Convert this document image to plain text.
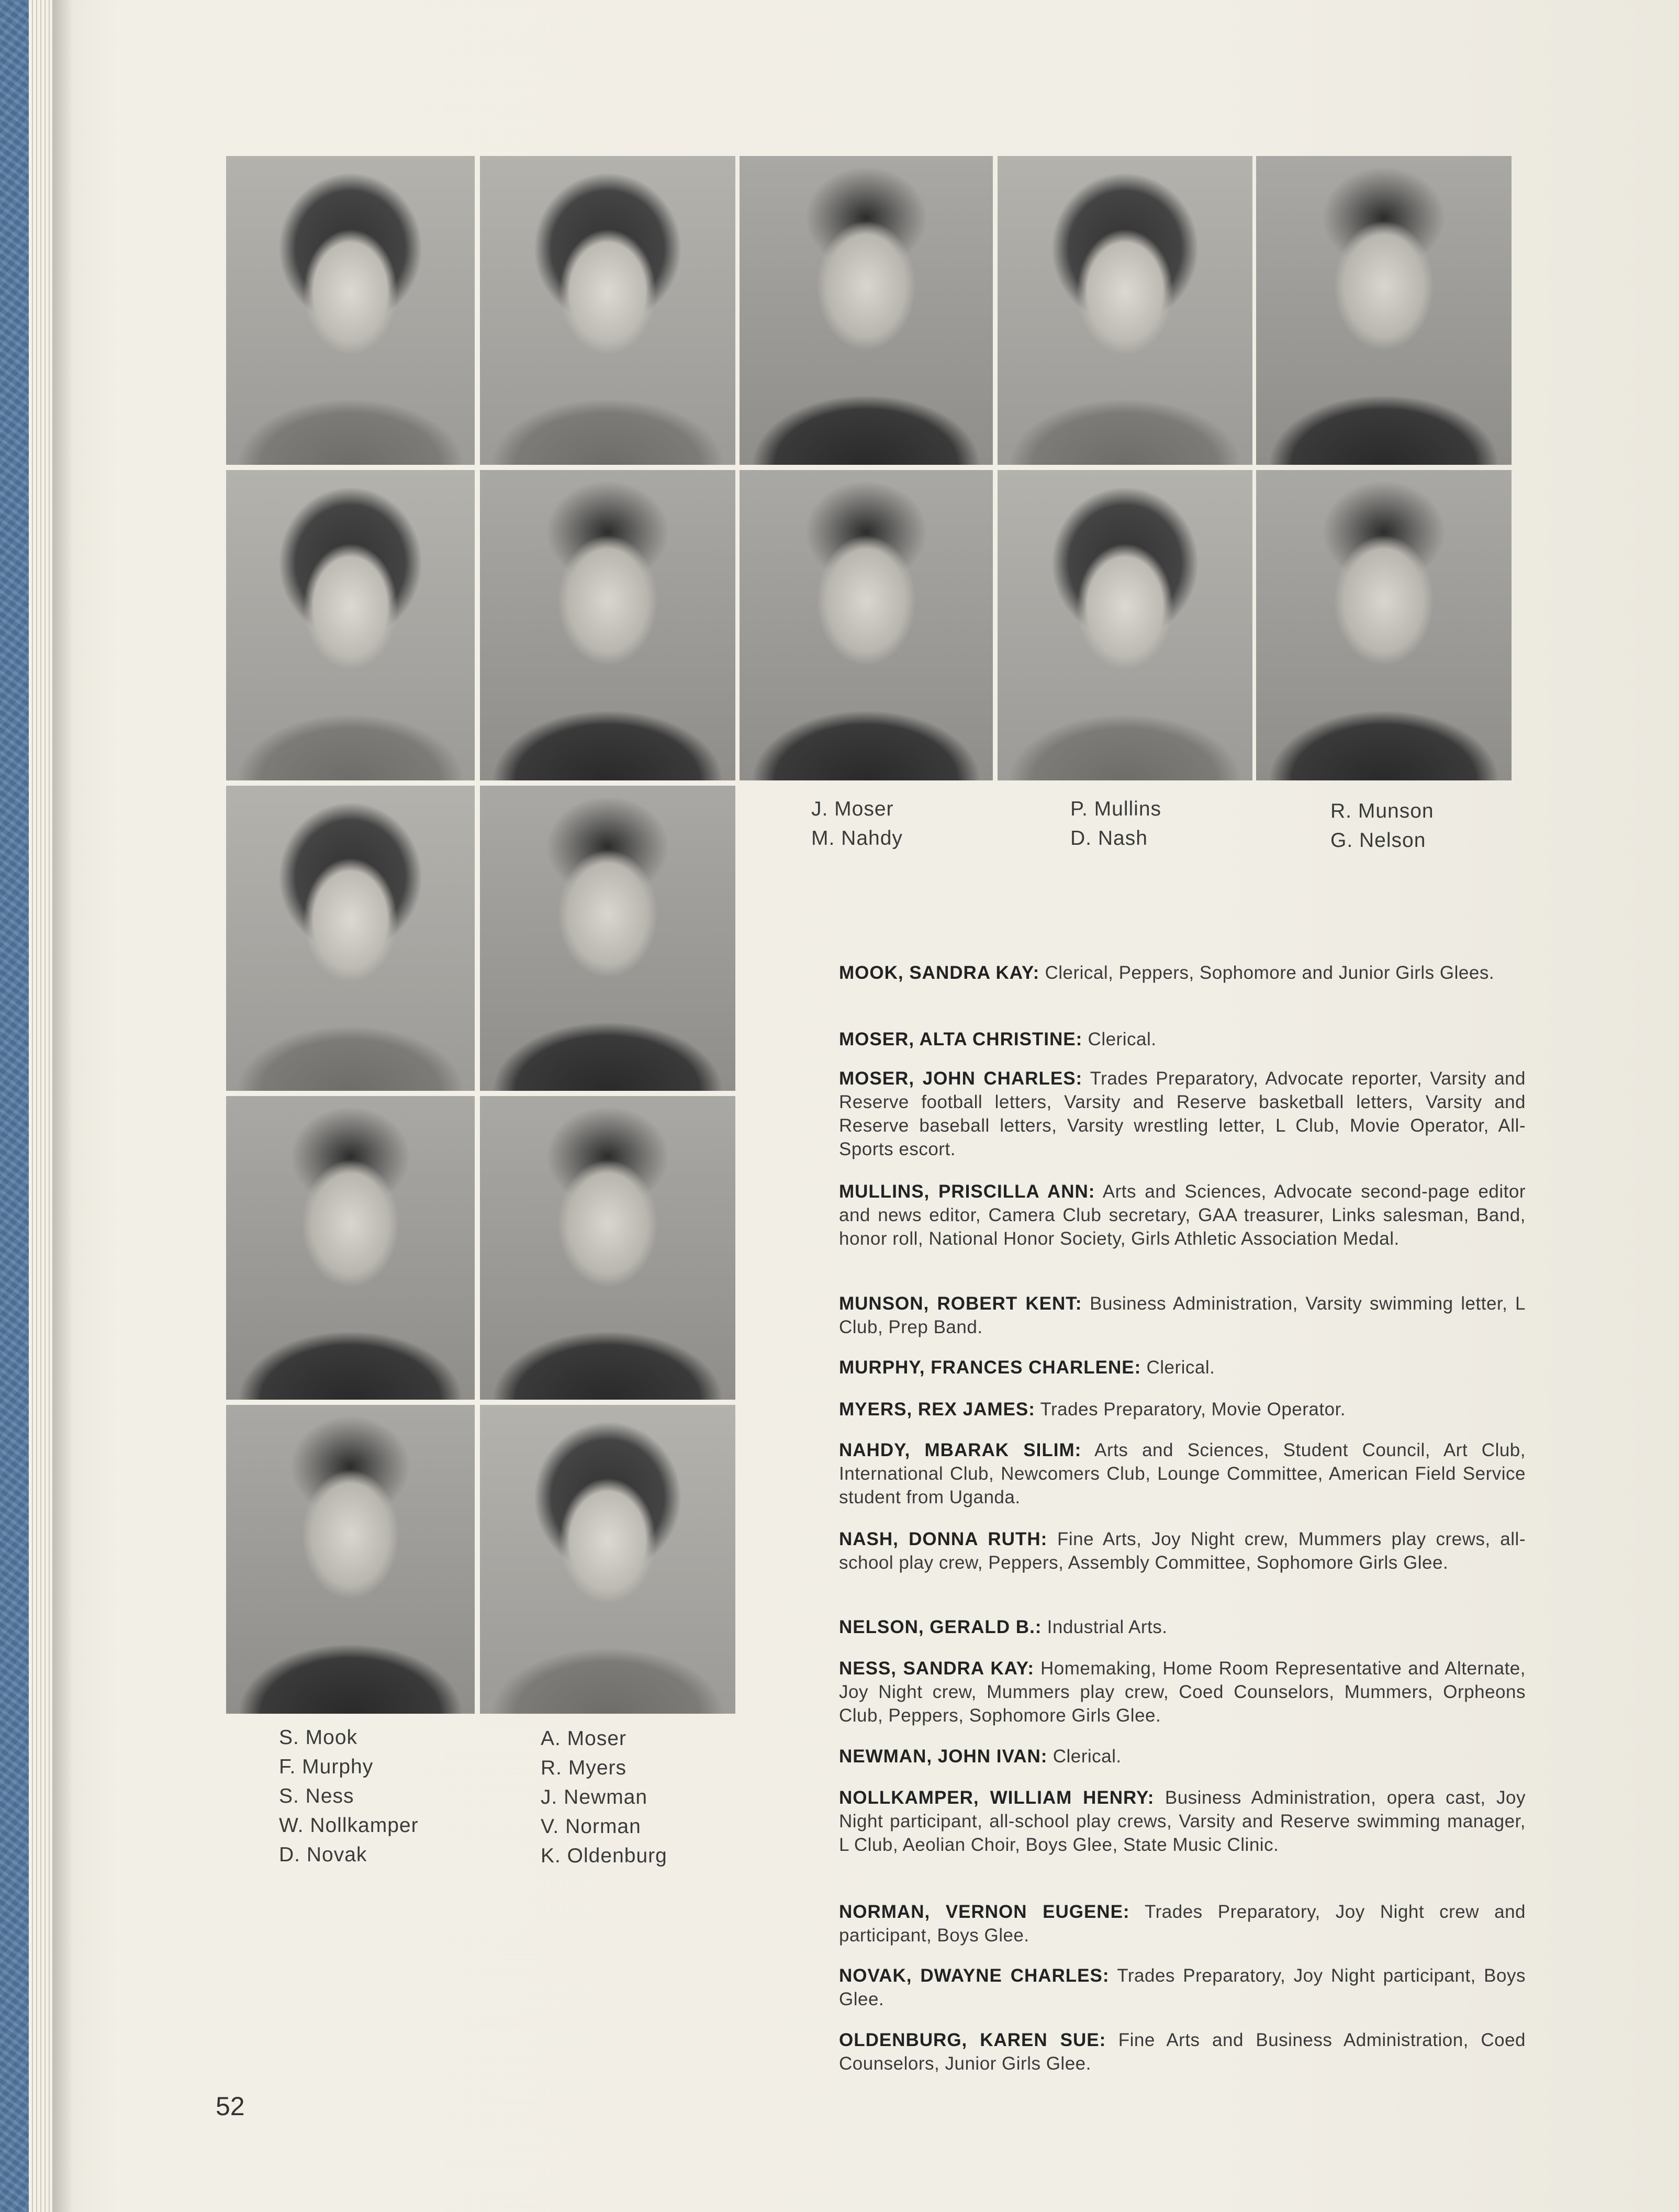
J. Moser
M. Nahdy
P. Mullins
D. Nash
R. Munson
G. Nelson
S. Mook
F. Murphy
S. Ness
W. Nollkamper
D. Novak
A. Moser
R. Myers
J. Newman
V. Norman
K. Oldenburg
MOOK, SANDRA KAY: Clerical, Peppers, Sophomore and Junior Girls Glees.
MOSER, ALTA CHRISTINE: Clerical.
MOSER, JOHN CHARLES: Trades Preparatory, Advocate reporter, Varsity and Reserve football letters, Varsity and Reserve basketball letters, Varsity and Reserve baseball letters, Varsity wrestling letter, L Club, Movie Operator, All-Sports escort.
MULLINS, PRISCILLA ANN: Arts and Sciences, Advocate second-page editor and news editor, Camera Club secretary, GAA treasurer, Links salesman, Band, honor roll, National Honor Society, Girls Athletic Association Medal.
MUNSON, ROBERT KENT: Business Administration, Varsity swimming letter, L Club, Prep Band.
MURPHY, FRANCES CHARLENE: Clerical.
MYERS, REX JAMES: Trades Preparatory, Movie Operator.
NAHDY, MBARAK SILIM: Arts and Sciences, Student Council, Art Club, International Club, Newcomers Club, Lounge Committee, American Field Service student from Uganda.
NASH, DONNA RUTH: Fine Arts, Joy Night crew, Mummers play crews, all-school play crew, Peppers, Assembly Committee, Sophomore Girls Glee.
NELSON, GERALD B.: Industrial Arts.
NESS, SANDRA KAY: Homemaking, Home Room Representative and Alternate, Joy Night crew, Mummers play crew, Coed Counselors, Mummers, Orpheons Club, Peppers, Sophomore Girls Glee.
NEWMAN, JOHN IVAN: Clerical.
NOLLKAMPER, WILLIAM HENRY: Business Administration, opera cast, Joy Night participant, all-school play crews, Varsity and Reserve swimming manager, L Club, Aeolian Choir, Boys Glee, State Music Clinic.
NORMAN, VERNON EUGENE: Trades Preparatory, Joy Night crew and participant, Boys Glee.
NOVAK, DWAYNE CHARLES: Trades Preparatory, Joy Night participant, Boys Glee.
OLDENBURG, KAREN SUE: Fine Arts and Business Administration, Coed Counselors, Junior Girls Glee.
52
